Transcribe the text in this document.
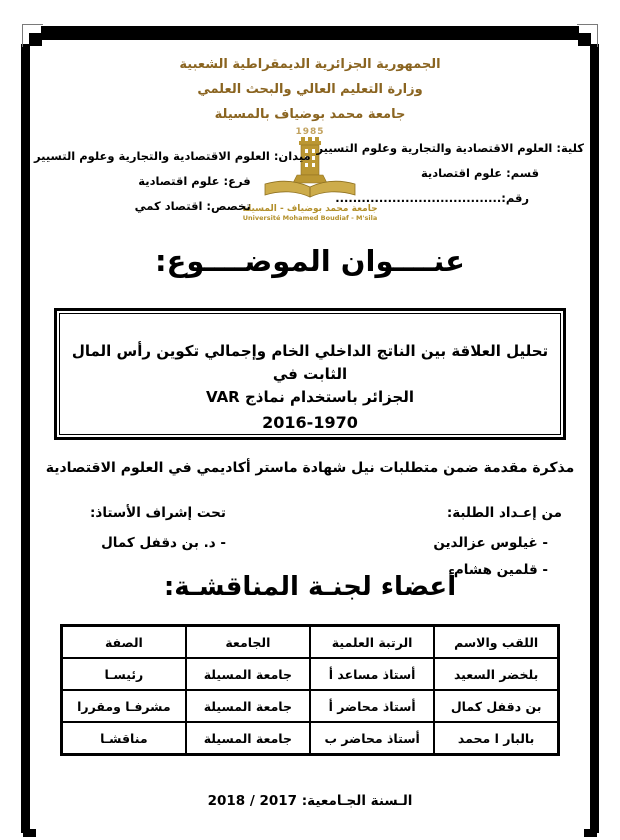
الجمهورية الجزائرية الديمقراطية الشعبية
وزارة التعليم العالي والبحث العلمي
جامعة محمد بوضياف بالمسيلة
1985
جامعة محمد بوضياف - المسيلة
Université Mohamed Boudiaf - M'sila
كلية: العلوم الاقتصادية والتجارية وعلوم التسيير
قسم: علوم اقتصادية
رقم:......................................
ميدان: العلوم الاقتصادية والتجارية وعلوم التسيير
فرع: علوم اقتصادية
تخصص: اقتصاد كمي
عنــــوان الموضــــوع:
تحليل العلاقة بين الناتج الداخلي الخام وإجمالي تكوين رأس المال الثابت في
الجزائر باستخدام نماذج VAR
2016-1970
مذكرة مقدمة ضمن متطلبات نيل شهادة ماستر أكاديمي في العلوم الاقتصادية
من إعـداد الطلبة:
- غيلوس عزالدين
- قلمين هشام
تحت إشراف الأستاذ:
- د. بن دقفل كمال
أعضاء لجنـة المناقشـة:
اللقب والاسم	الرتبة العلمية	الجامعة	الصفة
بلخضر السعيد	أستاذ مساعد أ	جامعة المسيلة	رئيسـا
بن دقفل كمال	أستاذ محاضر أ	جامعة المسيلة	مشرفـا ومقررا
بالبار ا محمد	أستاذ محاضر ب	جامعة المسيلة	مناقشـا
الـسنة الجـامعية: 2017 / 2018
